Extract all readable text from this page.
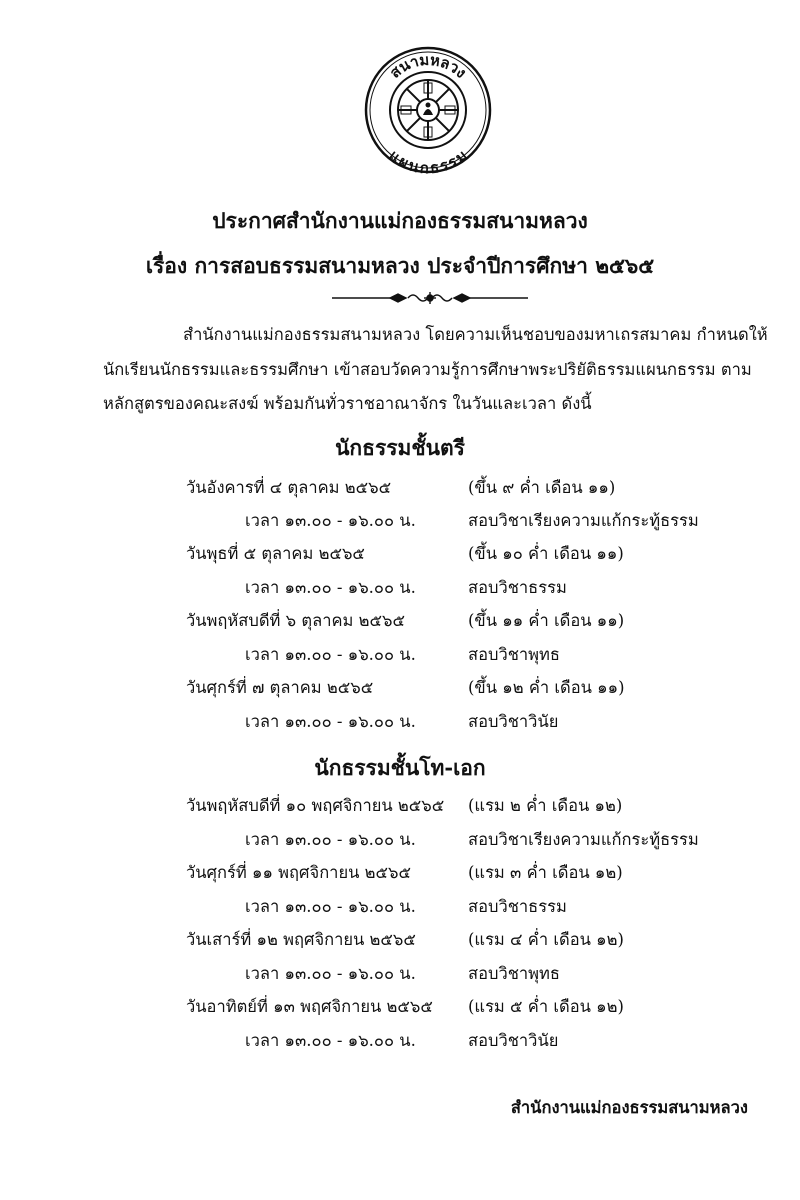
สนามหลวง
แผนกธรรม
ประกาศสำนักงานแม่กองธรรมสนามหลวง
เรื่อง การสอบธรรมสนามหลวง ประจำปีการศึกษา ๒๕๖๕
สำนักงานแม่กองธรรมสนามหลวง โดยความเห็นชอบของมหาเถรสมาคม กำหนดให้
นักเรียนนักธรรมและธรรมศึกษา เข้าสอบวัดความรู้การศึกษาพระปริยัติธรรมแผนกธรรม ตาม
หลักสูตรของคณะสงฆ์ พร้อมกันทั่วราชอาณาจักร ในวันและเวลา ดังนี้
นักธรรมชั้นตรี
วันอังคารที่ ๔ ตุลาคม ๒๕๖๕	(ขึ้น ๙ ค่ำ เดือน ๑๑)
เวลา ๑๓.๐๐ - ๑๖.๐๐ น.	สอบวิชาเรียงความแก้กระทู้ธรรม
วันพุธที่ ๕ ตุลาคม ๒๕๖๕	(ขึ้น ๑๐ ค่ำ เดือน ๑๑)
เวลา ๑๓.๐๐ - ๑๖.๐๐ น.	สอบวิชาธรรม
วันพฤหัสบดีที่ ๖ ตุลาคม ๒๕๖๕	(ขึ้น ๑๑ ค่ำ เดือน ๑๑)
เวลา ๑๓.๐๐ - ๑๖.๐๐ น.	สอบวิชาพุทธ
วันศุกร์ที่ ๗ ตุลาคม ๒๕๖๕	(ขึ้น ๑๒ ค่ำ เดือน ๑๑)
เวลา ๑๓.๐๐ - ๑๖.๐๐ น.	สอบวิชาวินัย
นักธรรมชั้นโท-เอก
วันพฤหัสบดีที่ ๑๐ พฤศจิกายน ๒๕๖๕ (แรม ๒ ค่ำ เดือน ๑๒)
เวลา ๑๓.๐๐ - ๑๖.๐๐ น.	สอบวิชาเรียงความแก้กระทู้ธรรม
วันศุกร์ที่ ๑๑ พฤศจิกายน ๒๕๖๕	(แรม ๓ ค่ำ เดือน ๑๒)
เวลา ๑๓.๐๐ - ๑๖.๐๐ น.	สอบวิชาธรรม
วันเสาร์ที่ ๑๒ พฤศจิกายน ๒๕๖๕	(แรม ๔ ค่ำ เดือน ๑๒)
เวลา ๑๓.๐๐ - ๑๖.๐๐ น.	สอบวิชาพุทธ
วันอาทิตย์ที่ ๑๓ พฤศจิกายน ๒๕๖๕ (แรม ๕ ค่ำ เดือน ๑๒)
เวลา ๑๓.๐๐ - ๑๖.๐๐ น.	สอบวิชาวินัย
สำนักงานแม่กองธรรมสนามหลวง
